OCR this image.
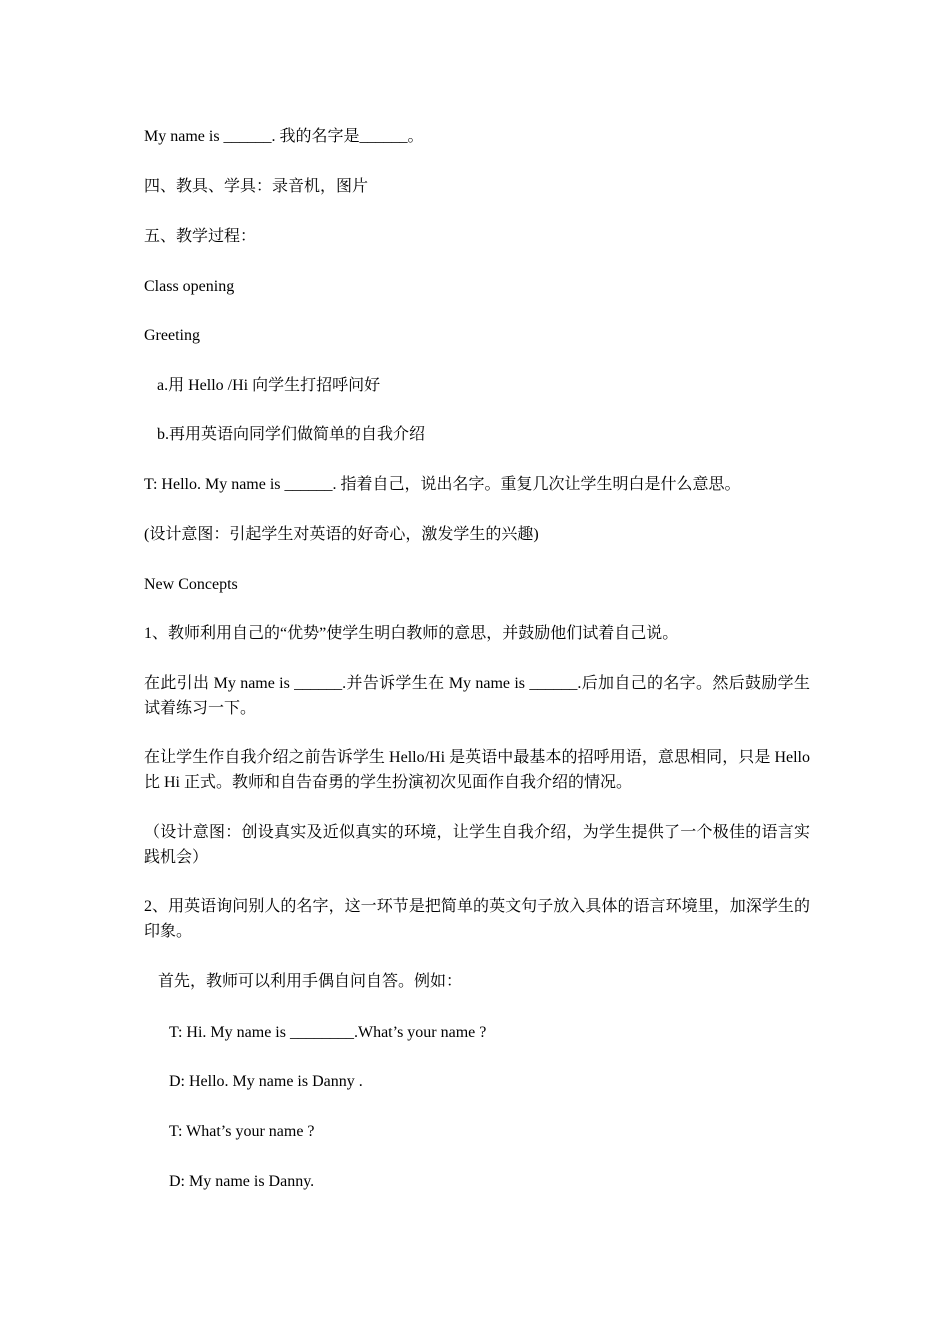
My name is ______. 我的名字是______。
四、教具、学具：录音机，图片
五、教学过程：
Class opening
Greeting
a.用 Hello /Hi 向学生打招呼问好
b.再用英语向同学们做简单的自我介绍
T: Hello. My name is ______. 指着自己，说出名字。重复几次让学生明白是什么意思。
(设计意图：引起学生对英语的好奇心，激发学生的兴趣)
New Concepts
1、教师利用自己的“优势”使学生明白教师的意思，并鼓励他们试着自己说。
在此引出 My name is ______.并告诉学生在 My name is ______.后加自己的名字。然后鼓励学生试着练习一下。
在让学生作自我介绍之前告诉学生 Hello/Hi 是英语中最基本的招呼用语，意思相同，只是 Hello 比 Hi 正式。教师和自告奋勇的学生扮演初次见面作自我介绍的情况。
（设计意图：创设真实及近似真实的环境，让学生自我介绍，为学生提供了一个极佳的语言实践机会）
2、用英语询问别人的名字，这一环节是把简单的英文句子放入具体的语言环境里，加深学生的印象。
首先，教师可以利用手偶自问自答。例如：
T: Hi. My name is ________.What’s your name ?
D: Hello. My name is Danny .
T: What’s your name ?
D: My name is Danny.
